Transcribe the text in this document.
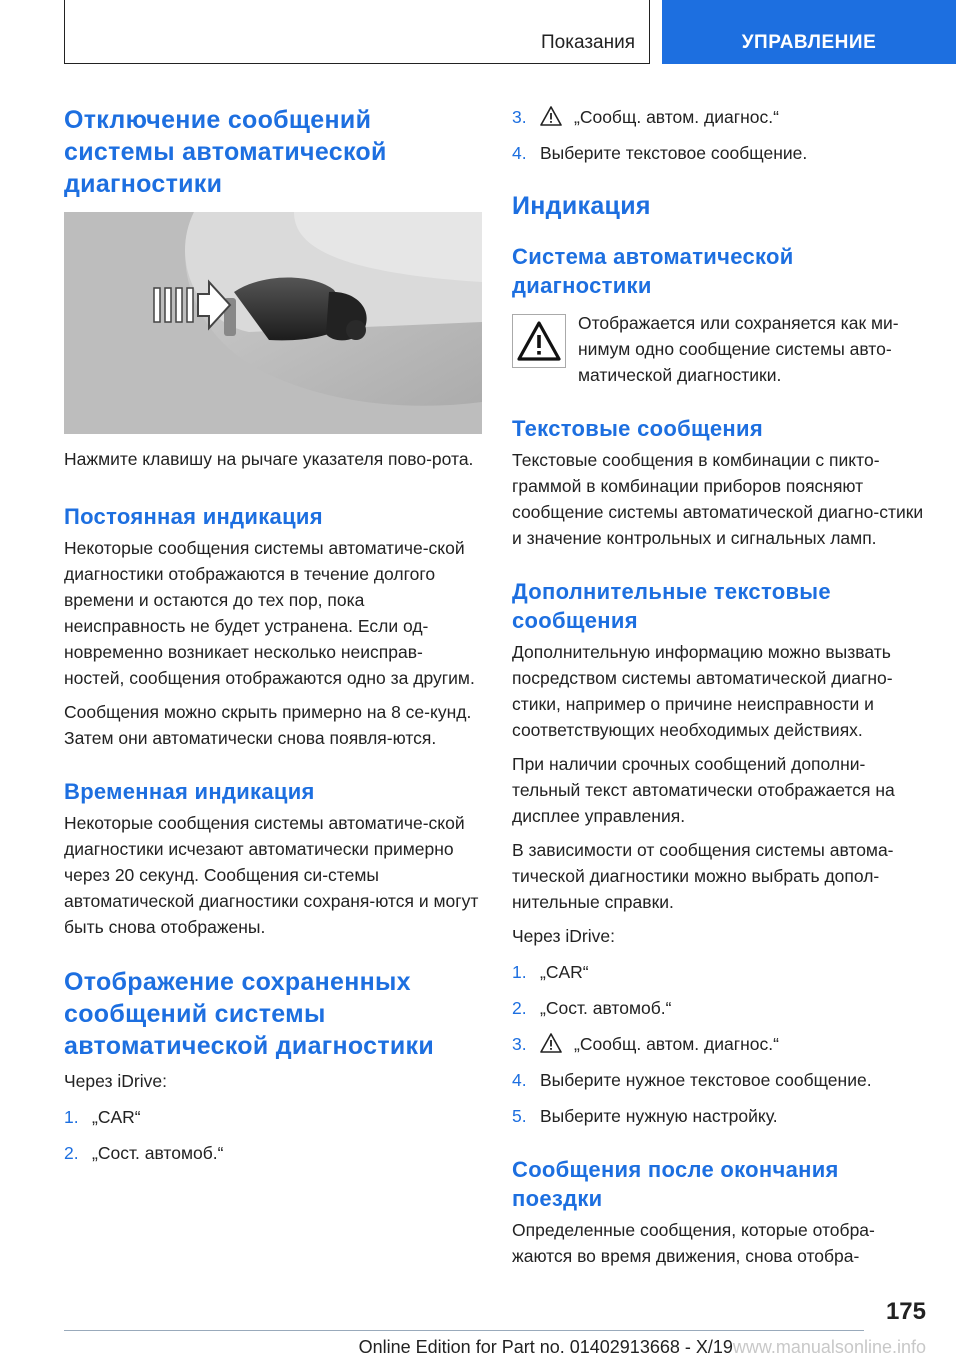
Показания	УПРАВЛЕНИЕ
Отключение сообщений системы автоматической диагностики

Нажмите клавишу на рычаге указателя пово-рота.

Постоянная индикация

Некоторые сообщения системы автоматиче-ской диагностики отображаются в течение долгого времени и остаются до тех пор, пока неисправность не будет устранена. Если од-новременно возникает несколько неисправ-ностей, сообщения отображаются одно за другим.

Сообщения можно скрыть примерно на 8 се-кунд. Затем они автоматически снова появля-ются.

Временная индикация

Некоторые сообщения системы автоматиче-ской диагностики исчезают автоматически примерно через 20 секунд. Сообщения си-стемы автоматической диагностики сохраня-ются и могут быть снова отображены.

Отображение сохраненных сообщений системы автоматической диагностики

Через iDrive:

1. „CAR“
2. „Сост. автомоб.“
3.	„Сообщ. автом. диагнос.“
4. Выберите текстовое сообщение.
Индикация
Система автоматической диагностики

Отображается или сохраняется как ми-нимум одно сообщение системы авто-матической диагностики.

Текстовые сообщения

Текстовые сообщения в комбинации с пикто-граммой в комбинации приборов поясняют сообщение системы автоматической диагно-стики и значение контрольных и сигнальных ламп.

Дополнительные текстовые сообщения

Дополнительную информацию можно вызвать посредством системы автоматической диагно-стики, например о причине неисправности и соответствующих необходимых действиях.

При наличии срочных сообщений дополни-тельный текст автоматически отображается на дисплее управления.

В зависимости от сообщения системы автома-тической диагностики можно выбрать допол-нительные справки.

Через iDrive:

1. „CAR“
2. „Сост. автомоб.“
3.	„Сообщ. автом. диагнос.“
4. Выберите нужное текстовое сообщение.
5. Выберите нужную настройку.
Сообщения после окончания поездки

Определенные сообщения, которые отобра-жаются во время движения, снова отобра-

175
Online Edition for Part no. 01402913668 - X/19www.manualsonline.info
